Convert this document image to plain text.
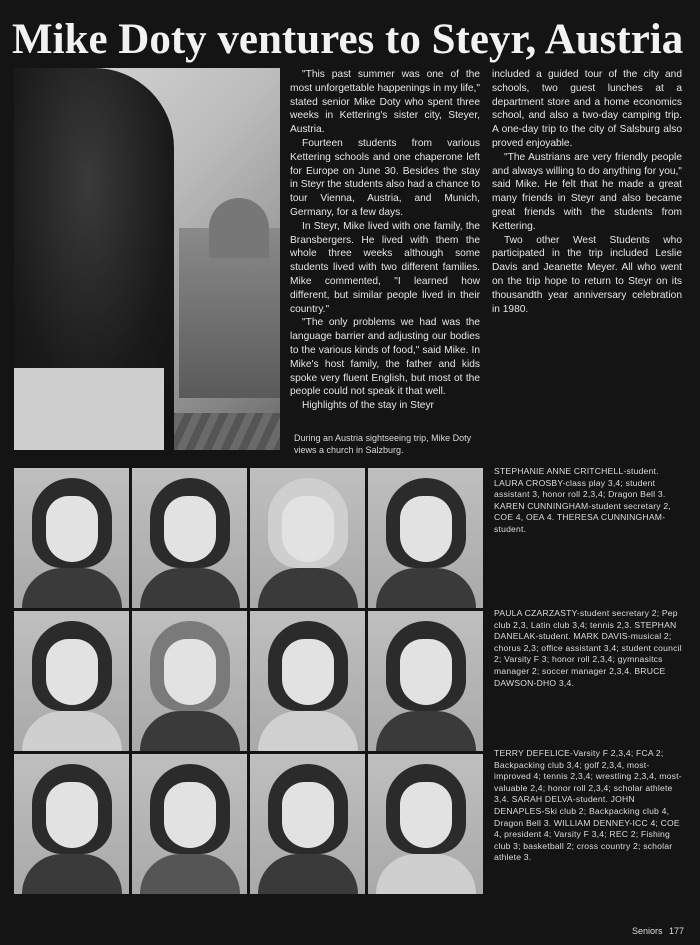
Mike Doty ventures to Steyr, Austria

"This past summer was one of the most unforgettable happenings in my life," stated senior Mike Doty who spent three weeks in Kettering's sister city, Steyer, Austria.

Fourteen students from various Kettering schools and one chaperone left for Europe on June 30. Besides the stay in Steyr the students also had a chance to tour Vienna, Austria, and Munich, Germany, for a few days.

In Steyr, Mike lived with one family, the Bransbergers. He lived with them the whole three weeks although some students lived with two different families. Mike commented, "I learned how different, but similar people lived in their country."

"The only problems we had was the language barrier and adjusting our bodies to the various kinds of food," said Mike. In Mike's host family, the father and kids spoke very fluent English, but most ot the people could not speak it that well.

Highlights of the stay in Steyr

During an Austria sightseeing trip, Mike Doty views a church in Salzburg.

included a guided tour of the city and schools, two guest lunches at a department store and a home economics school, and also a two-day camping trip. A one-day trip to the city of Salsburg also proved enjoyable.

"The Austrians are very friendly people and always willing to do anything for you," said Mike. He felt that he made a great many friends in Steyr and also became great friends with the students from Kettering.

Two other West Students who participated in the trip included Leslie Davis and Jeanette Meyer. All who went on the trip hope to return to Steyr on its thousandth year anniversary celebration in 1980.

STEPHANIE ANNE CRITCHELL-student. LAURA CROSBY-class play 3,4; student assistant 3, honor roll 2,3,4; Dragon Bell 3. KAREN CUNNINGHAM-student secretary 2, COE 4, OEA 4. THERESA CUNNINGHAM-student.
PAULA CZARZASTY-student secretary 2; Pep club 2,3, Latin club 3,4; tennis 2,3. STEPHAN DANELAK-student. MARK DAVIS-musical 2; chorus 2,3; office assistant 3,4; student council 2; Varsity F 3; honor roll 2,3,4; gymnasitcs manager 2; soccer manager 2,3,4. BRUCE DAWSON-DHO 3,4.
TERRY DEFELICE-Varsity F 2,3,4; FCA 2; Backpacking club 3,4; golf 2,3,4, most-improved 4; tennis 2,3,4; wrestling 2,3,4, most-valuable 2,4; honor roll 2,3,4; scholar athlete 3,4. SARAH DELVA-student. JOHN DENAPLES-Ski club 2; Backpacking club 4, Dragon Bell 3. WILLIAM DENNEY-ICC 4; COE 4, president 4; Varsity F 3,4; REC 2; Fishing club 3; basketball 2; cross country 2; scholar athlete 3.
Seniors 177
